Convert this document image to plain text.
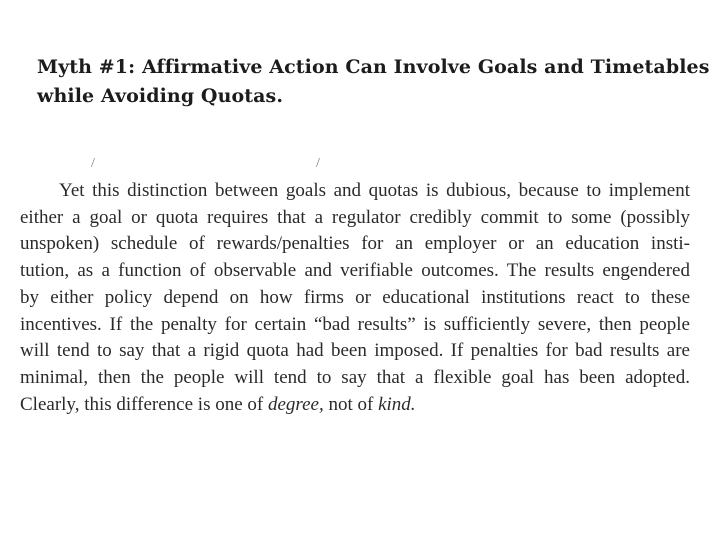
Myth #1: Affirmative Action Can Involve Goals and Timetables
while Avoiding Quotas.
/	/
Yet this distinction between goals and quotas is dubious, because to implement
either a goal or quota requires that a regulator credibly commit to some (possibly
unspoken) schedule of rewards/penalties for an employer or an education insti-
tution, as a function of observable and verifiable outcomes. The results engendered
by either policy depend on how firms or educational institutions react to these
incentives. If the penalty for certain “bad results” is sufficiently severe, then people
will tend to say that a rigid quota had been imposed. If penalties for bad results are
minimal, then the people will tend to say that a flexible goal has been adopted.
Clearly, this difference is one of degree, not of kind.
